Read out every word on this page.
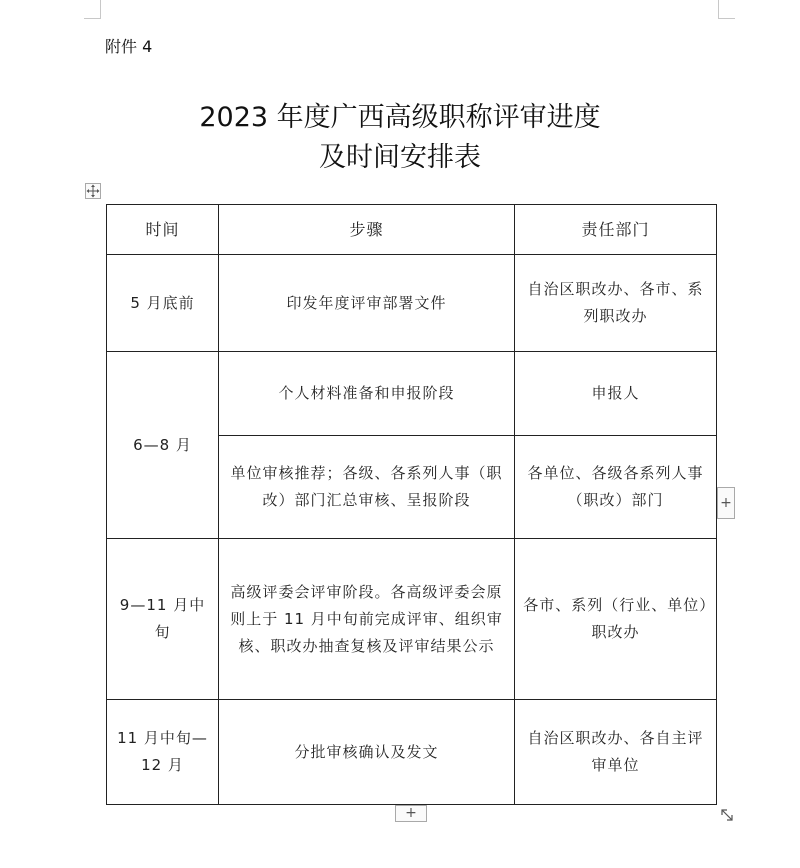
附件 4
2023 年度广西高级职称评审进度
及时间安排表
时间	步骤	责任部门
5 月底前	印发年度评审部署文件	自治区职改办、各市、系列职改办
6—8 月	个人材料准备和申报阶段	申报人
	单位审核推荐；各级、各系列人事（职改）部门汇总审核、呈报阶段	各单位、各级各系列人事（职改）部门
9—11 月中旬	高级评委会评审阶段。各高级评委会原则上于 11 月中旬前完成评审、组织审核、职改办抽查复核及评审结果公示	各市、系列（行业、单位）职改办
11 月中旬—12 月	分批审核确认及发文	自治区职改办、各自主评审单位
+
+
